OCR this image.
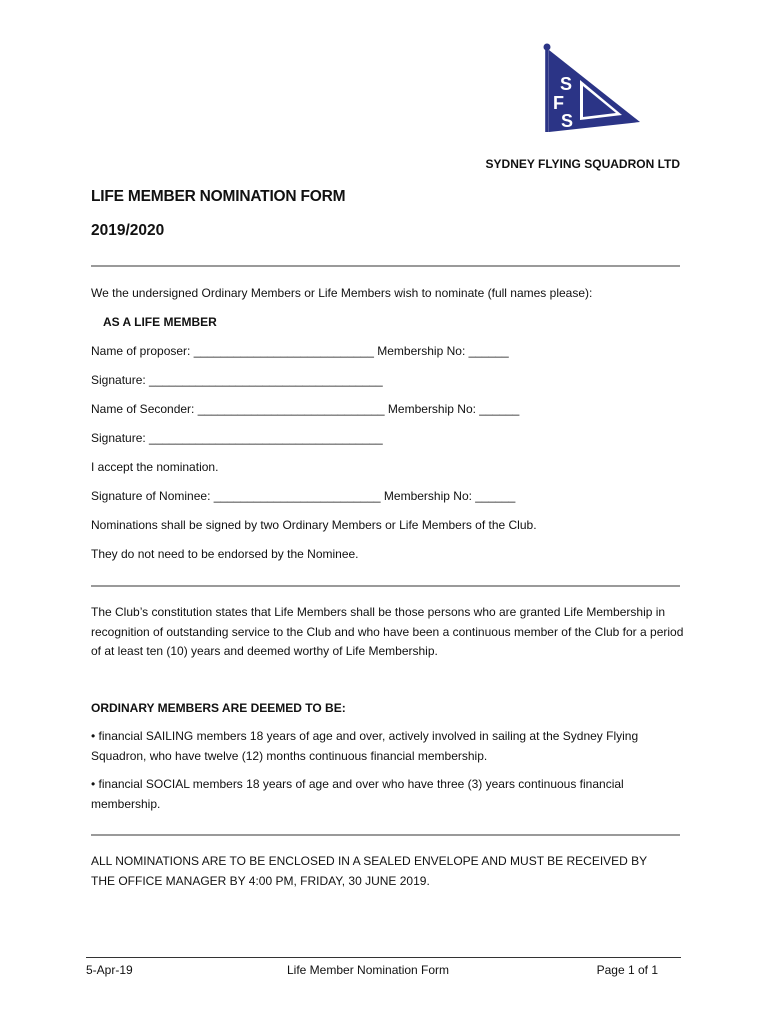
S
F
S
SYDNEY FLYING SQUADRON LTD
LIFE MEMBER NOMINATION FORM
2019/2020
We the undersigned Ordinary Members or Life Members wish to nominate (full names please):
AS A LIFE MEMBER
Name of proposer: ___________________________ Membership No: ______
Signature: ___________________________________
Name of Seconder: ____________________________ Membership No: ______
Signature: ___________________________________
I accept the nomination.
Signature of Nominee: _________________________ Membership No: ______
Nominations shall be signed by two Ordinary Members or Life Members of the Club.
They do not need to be endorsed by the Nominee.
The Club’s constitution states that Life Members shall be those persons who are granted Life Membership in recognition of outstanding service to the Club and who have been a continuous member of the Club for a period of at least ten (10) years and deemed worthy of Life Membership.
ORDINARY MEMBERS ARE DEEMED TO BE:
• financial SAILING members 18 years of age and over, actively involved in sailing at the Sydney Flying Squadron, who have twelve (12) months continuous financial membership.
• financial SOCIAL members 18 years of age and over who have three (3) years continuous financial membership.
ALL NOMINATIONS ARE TO BE ENCLOSED IN A SEALED ENVELOPE AND MUST BE RECEIVED BY THE OFFICE MANAGER BY 4:00 PM, FRIDAY, 30 JUNE 2019.
5-Apr-19	Life Member Nomination Form	Page 1 of 1
